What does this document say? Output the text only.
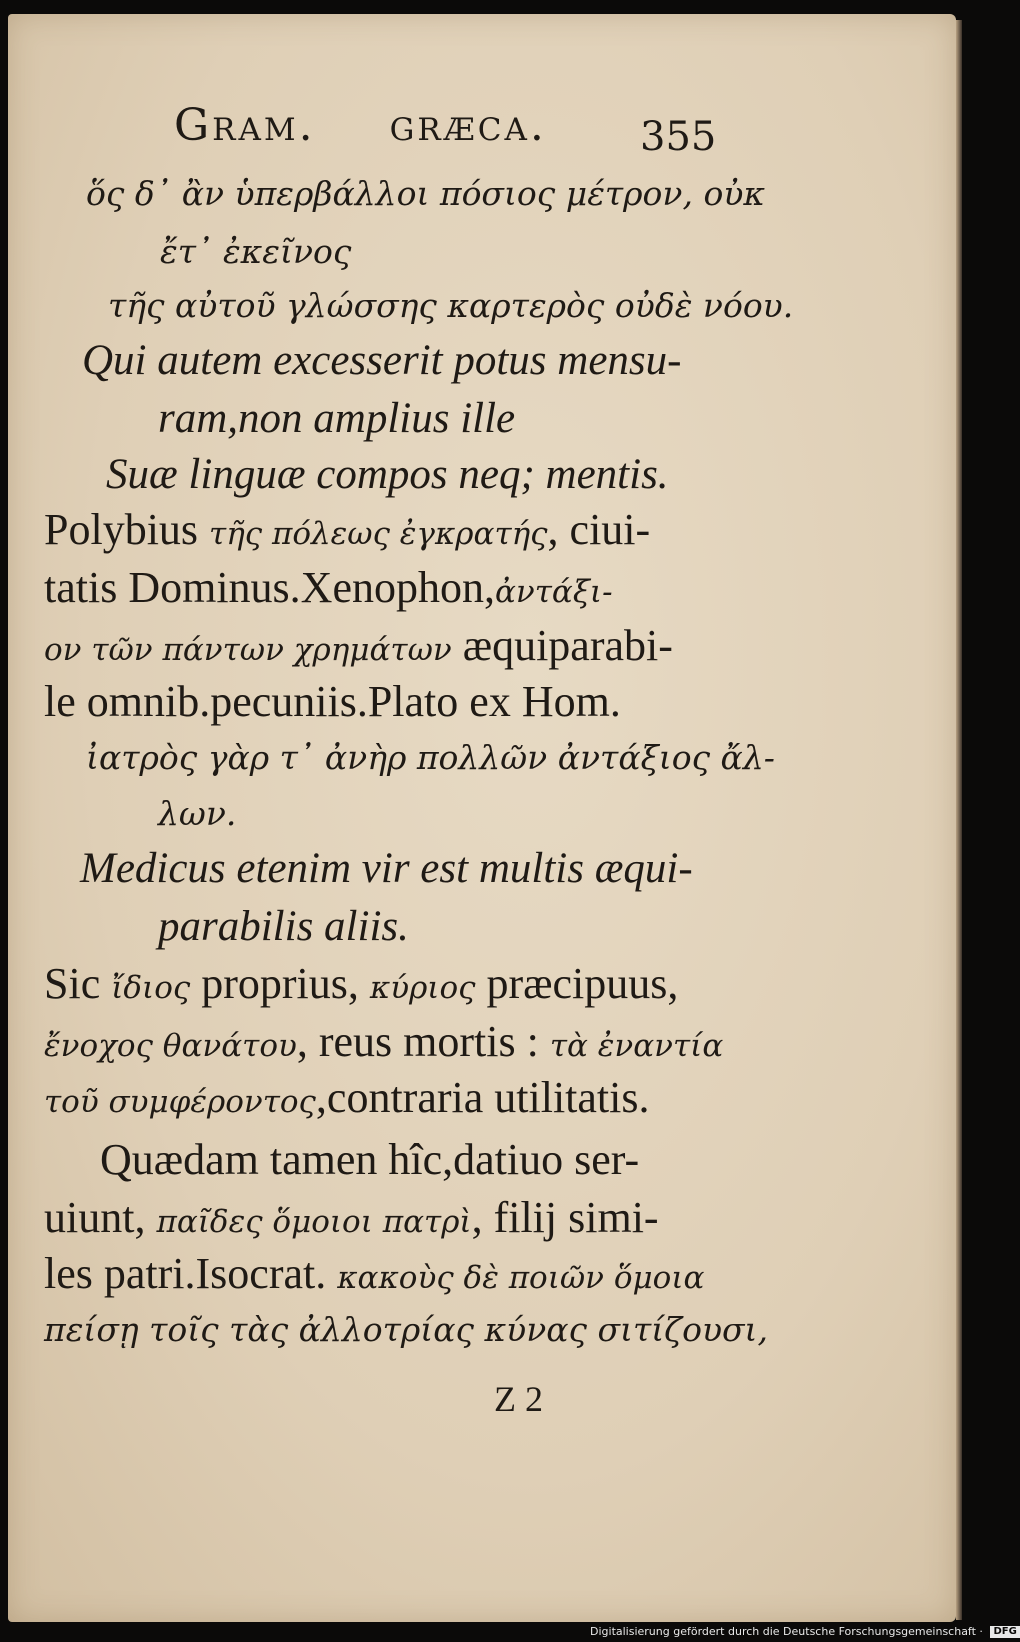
Gram. græca. 355
ὅς δ᾽ ἂν ὑπερβάλλοι πόσιος μέτρον, οὐκ
ἔτ᾽ ἐκεῖνος
τῆς αὐτοῦ γλώσσης καρτερὸς οὐδὲ νόου.
Qui autem excesserit potus mensu-
ram,non amplius ille
Suæ linguæ compos neq; mentis.
Polybius τῆς πόλεως ἐγκρατής, ciui-
tatis Dominus.Xenophon,ἀντάξι-
ον τῶν πάντων χρημάτων æquiparabi-
le omnib.pecuniis.Plato ex Hom.
ἰατρὸς γὰρ τ᾽ ἀνὴρ πολλῶν ἀντάξιος ἄλ-
λων.
Medicus etenim vir est multis æqui-
parabilis aliis.
Sic ἴδιος proprius, κύριος præcipuus,
ἔνοχος θανάτου, reus mortis : τὰ ἐναντία
τοῦ συμφέροντος,contraria utilitatis.
Quædam tamen hîc,datiuo ser-
uiunt, παῖδες ὅμοιοι πατρὶ, filij simi-
les patri.Isocrat. κακοὺς δὲ ποιῶν ὅμοια
πείσῃ τοῖς τὰς ἀλλοτρίας κύνας σιτίζουσι,
Z 2
Digitalisierung gefördert durch die Deutsche Forschungsgemeinschaft · DFG
